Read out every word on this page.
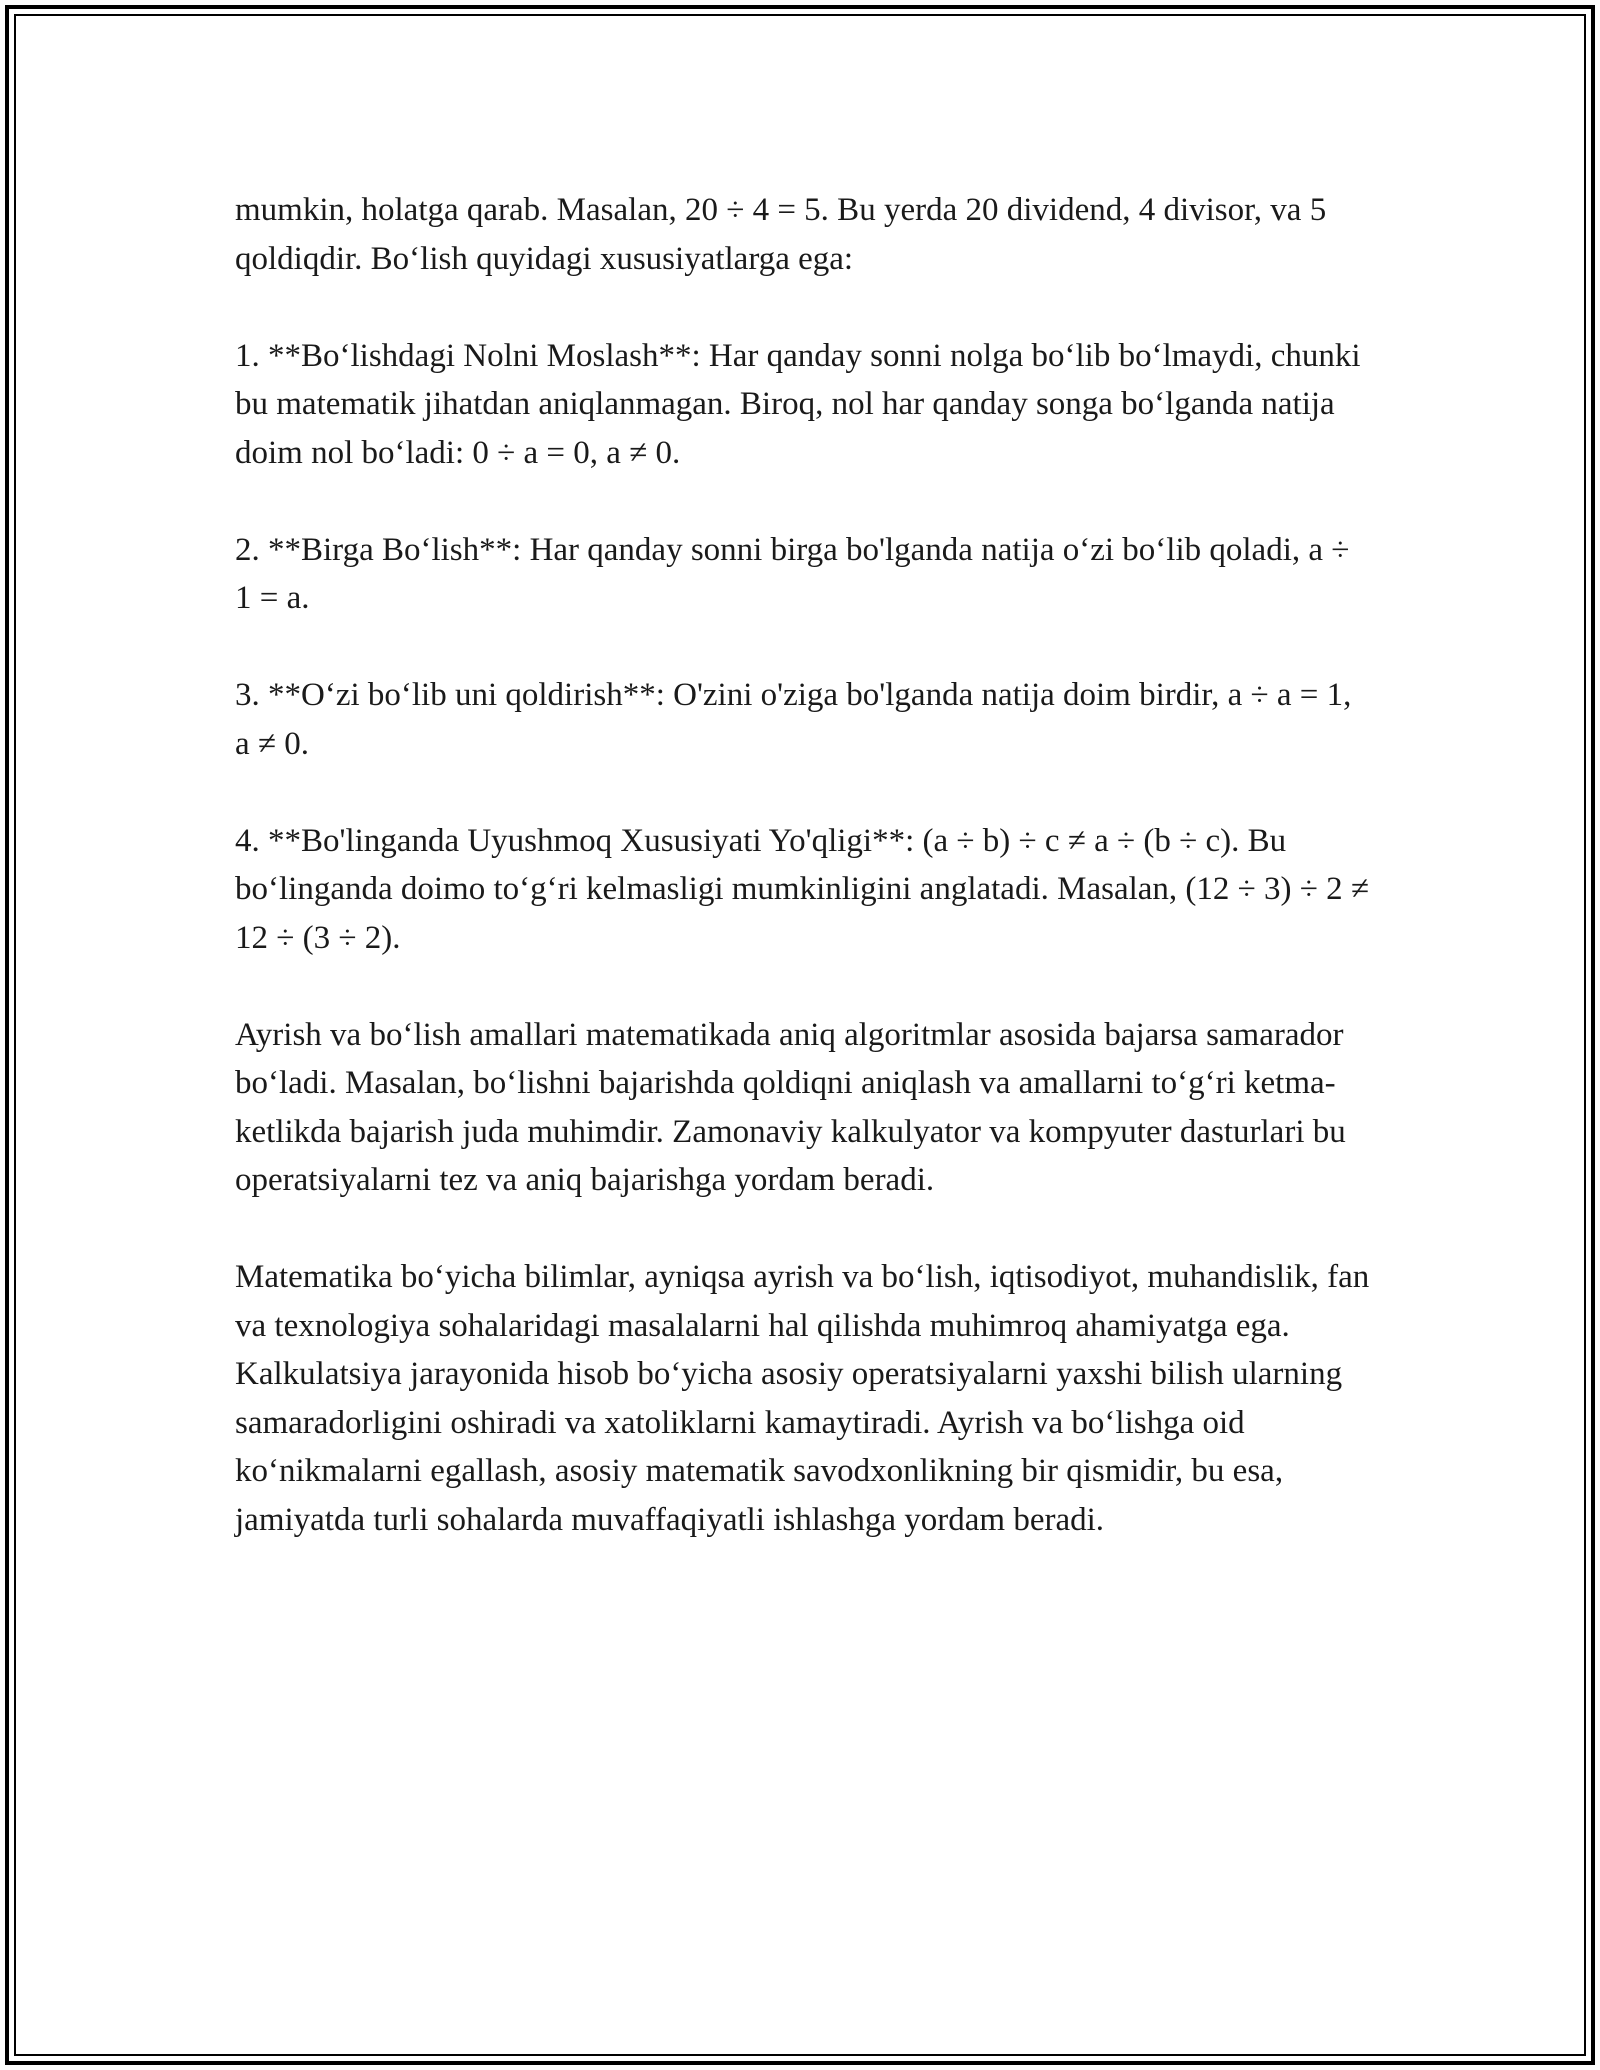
mumkin, holatga qarab. Masalan, 20 ÷ 4 = 5. Bu yerda 20 dividend, 4 divisor, va 5 qoldiqdir. Bo‘lish quyidagi xususiyatlarga ega:

1. **Bo‘lishdagi Nolni Moslash**: Har qanday sonni nolga bo‘lib bo‘lmaydi, chunki bu matematik jihatdan aniqlanmagan. Biroq, nol har qanday songa bo‘lganda natija doim nol bo‘ladi: 0 ÷ a = 0, a ≠ 0.

2. **Birga Bo‘lish**: Har qanday sonni birga bo'lganda natija o‘zi bo‘lib qoladi, a ÷ 1 = a.

3. **O‘zi bo‘lib uni qoldirish**: O'zini o'ziga bo'lganda natija doim birdir, a ÷ a = 1, a ≠ 0.

4. **Bo'linganda Uyushmoq Xususiyati Yo'qligi**: (a ÷ b) ÷ c ≠ a ÷ (b ÷ c). Bu bo‘linganda doimo to‘g‘ri kelmasligi mumkinligini anglatadi. Masalan, (12 ÷ 3) ÷ 2 ≠ 12 ÷ (3 ÷ 2).

Ayrish va bo‘lish amallari matematikada aniq algoritmlar asosida bajarsa samarador bo‘ladi. Masalan, bo‘lishni bajarishda qoldiqni aniqlash va amallarni to‘g‘ri ketma-ketlikda bajarish juda muhimdir. Zamonaviy kalkulyator va kompyuter dasturlari bu operatsiyalarni tez va aniq bajarishga yordam beradi.

Matematika bo‘yicha bilimlar, ayniqsa ayrish va bo‘lish, iqtisodiyot, muhandislik, fan va texnologiya sohalaridagi masalalarni hal qilishda muhimroq ahamiyatga ega. Kalkulatsiya jarayonida hisob bo‘yicha asosiy operatsiyalarni yaxshi bilish ularning samaradorligini oshiradi va xatoliklarni kamaytiradi. Ayrish va bo‘lishga oid ko‘nikmalarni egallash, asosiy matematik savodxonlikning bir qismidir, bu esa, jamiyatda turli sohalarda muvaffaqiyatli ishlashga yordam beradi.
